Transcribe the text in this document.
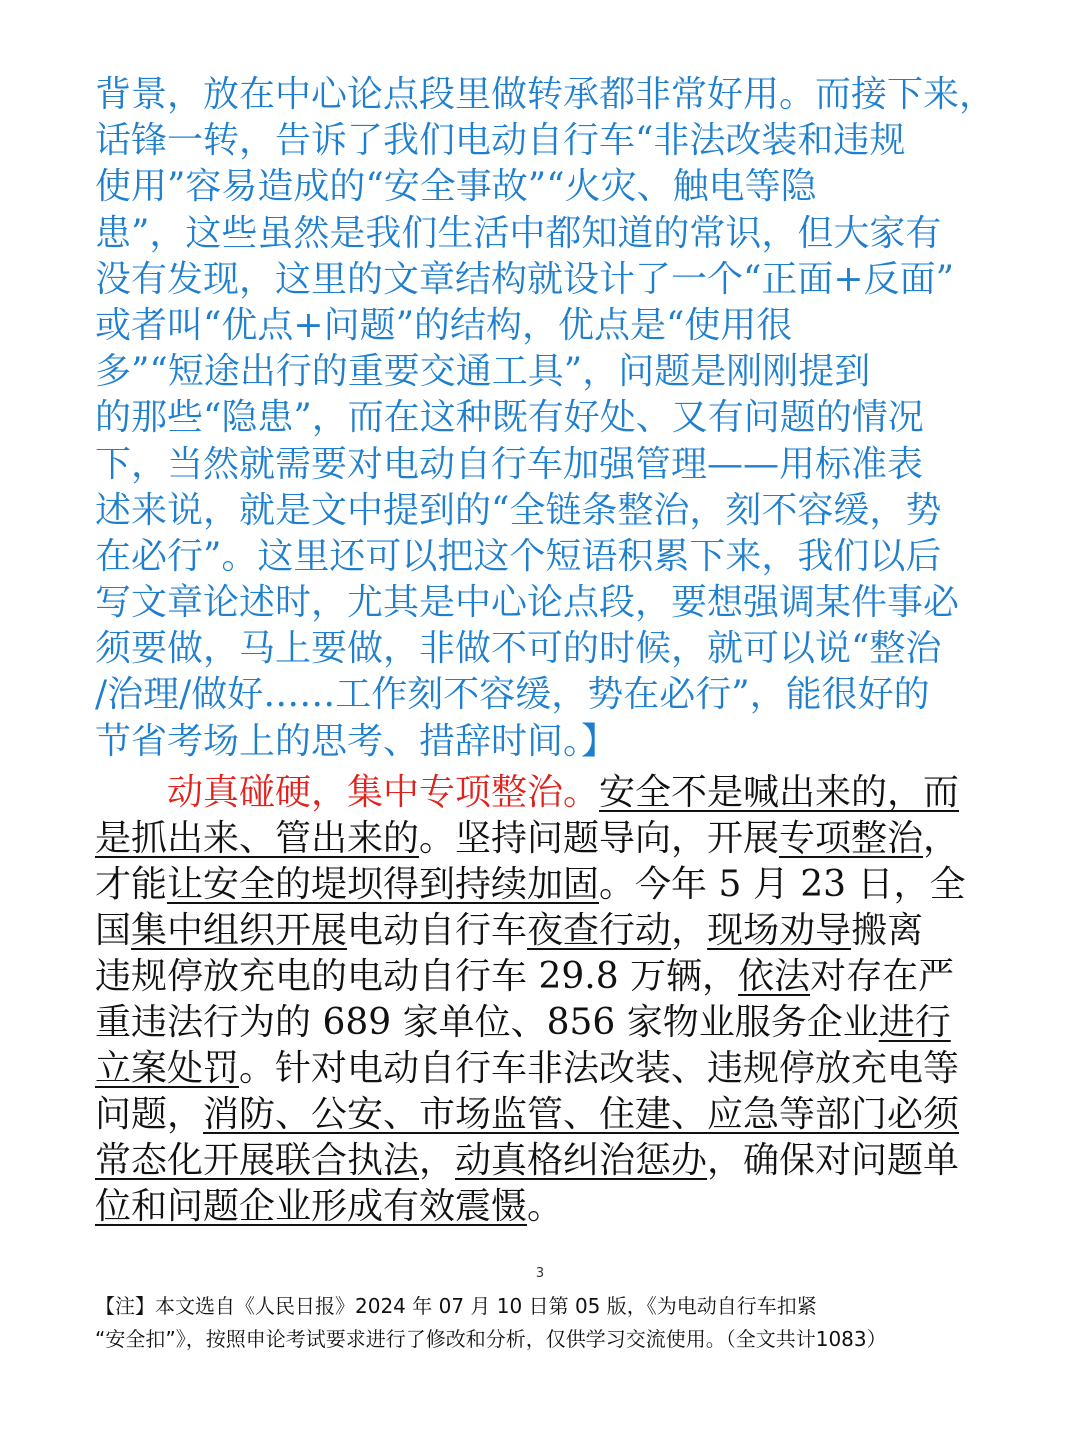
背景，放在中心论点段里做转承都非常好用。而接下来，
话锋一转，告诉了我们电动自行车“非法改装和违规
使用”容易造成的“安全事故”“火灾、触电等隐
患”，这些虽然是我们生活中都知道的常识，但大家有
没有发现，这里的文章结构就设计了一个“正面+反面”
或者叫“优点+问题”的结构，优点是“使用很
多”“短途出行的重要交通工具”，问题是刚刚提到
的那些“隐患”，而在这种既有好处、又有问题的情况
下，当然就需要对电动自行车加强管理——用标准表
述来说，就是文中提到的“全链条整治，刻不容缓，势
在必行”。这里还可以把这个短语积累下来，我们以后
写文章论述时，尤其是中心论点段，要想强调某件事必
须要做，马上要做，非做不可的时候，就可以说“整治
/治理/做好……工作刻不容缓，势在必行”，能很好的
节省考场上的思考、措辞时间。】
动真碰硬，集中专项整治。安全不是喊出来的，而
是抓出来、管出来的。坚持问题导向，开展专项整治，
才能让安全的堤坝得到持续加固。今年 5 月 23 日，全
国集中组织开展电动自行车夜查行动，现场劝导搬离
违规停放充电的电动自行车 29.8 万辆，依法对存在严
重违法行为的 689 家单位、856 家物业服务企业进行
立案处罚。针对电动自行车非法改装、违规停放充电等
问题，消防、公安、市场监管、住建、应急等部门必须
常态化开展联合执法，动真格纠治惩办，确保对问题单
位和问题企业形成有效震慑。
3
【注】本文选自《人民日报》2024 年 07 月 10 日第 05 版，《为电动自行车扣紧
“安全扣”》，按照申论考试要求进行了修改和分析，仅供学习交流使用。（全文共计1083）
